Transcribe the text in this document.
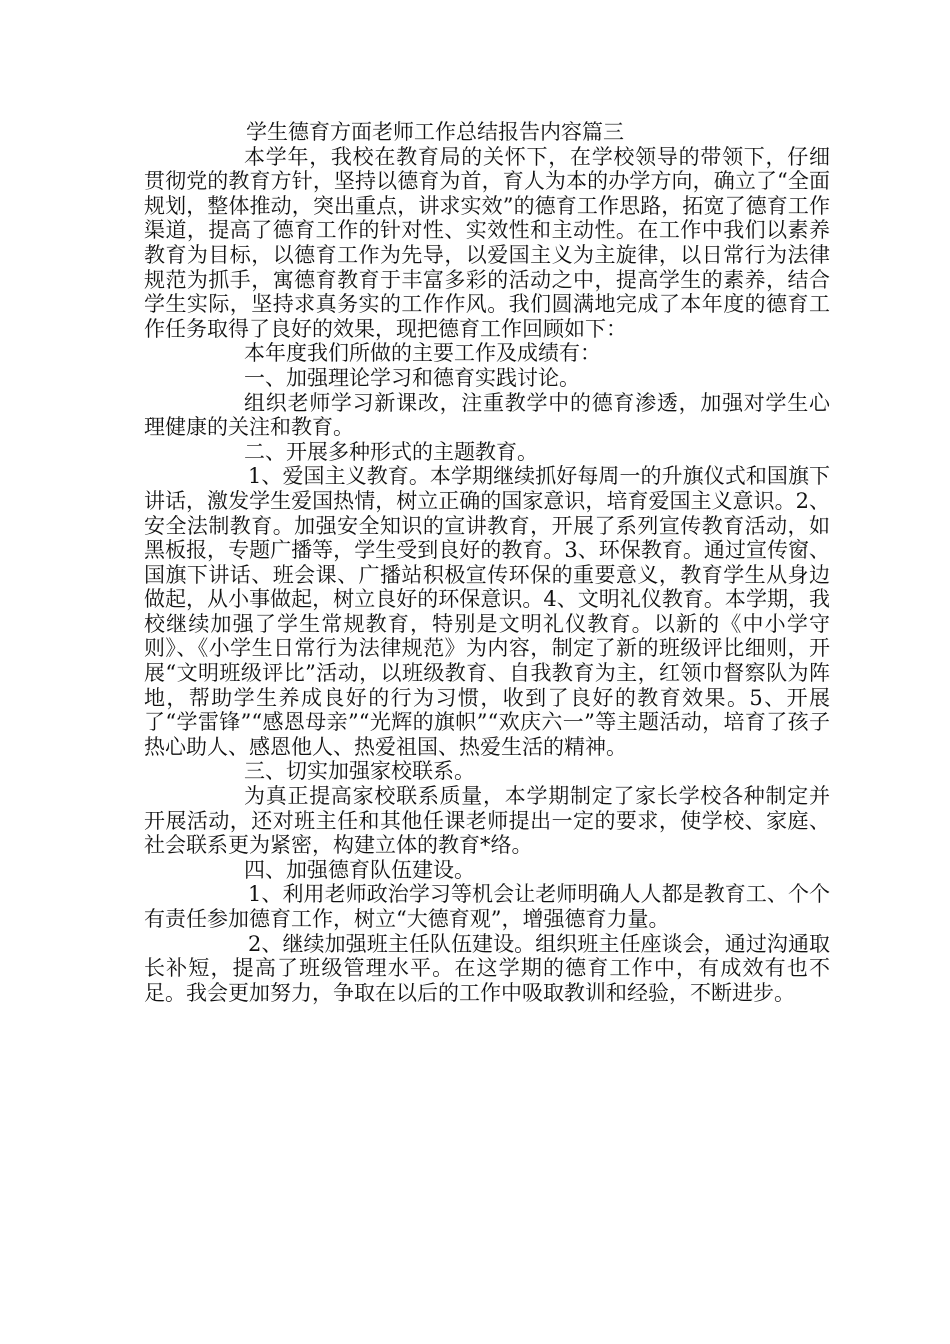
学生德育方面老师工作总结报告内容篇三

本学年，我校在教育局的关怀下，在学校领导的带领下，仔细贯彻党的教育方针，坚持以德育为首，育人为本的办学方向，确立了“全面规划，整体推动，突出重点，讲求实效”的德育工作思路，拓宽了德育工作渠道，提高了德育工作的针对性、实效性和主动性。在工作中我们以素养教育为目标，以德育工作为先导，以爱国主义为主旋律，以日常行为法律规范为抓手，寓德育教育于丰富多彩的活动之中，提高学生的素养，结合学生实际，坚持求真务实的工作作风。我们圆满地完成了本年度的德育工作任务取得了良好的效果，现把德育工作回顾如下：

本年度我们所做的主要工作及成绩有：

一、加强理论学习和德育实践讨论。

组织老师学习新课改，注重教学中的德育渗透，加强对学生心理健康的关注和教育。

二、开展多种形式的主题教育。

1、爱国主义教育。本学期继续抓好每周一的升旗仪式和国旗下讲话，激发学生爱国热情，树立正确的国家意识，培育爱国主义意识。2、安全法制教育。加强安全知识的宣讲教育，开展了系列宣传教育活动，如黑板报，专题广播等，学生受到良好的教育。3、环保教育。通过宣传窗、国旗下讲话、班会课、广播站积极宣传环保的重要意义，教育学生从身边做起，从小事做起，树立良好的环保意识。4、文明礼仪教育。本学期，我校继续加强了学生常规教育，特别是文明礼仪教育。以新的《中小学守则》、《小学生日常行为法律规范》为内容，制定了新的班级评比细则，开展“文明班级评比”活动，以班级教育、自我教育为主，红领巾督察队为阵地，帮助学生养成良好的行为习惯，收到了良好的教育效果。5、开展了“学雷锋”“感恩母亲”“光辉的旗帜”“欢庆六一”等主题活动，培育了孩子热心助人、感恩他人、热爱祖国、热爱生活的精神。

三、切实加强家校联系。

为真正提高家校联系质量，本学期制定了家长学校各种制定并开展活动，还对班主任和其他任课老师提出一定的要求，使学校、家庭、社会联系更为紧密，构建立体的教育*络。

四、加强德育队伍建设。

1、利用老师政治学习等机会让老师明确人人都是教育工、个个有责任参加德育工作，树立“大德育观”，增强德育力量。

2、继续加强班主任队伍建设。组织班主任座谈会，通过沟通取长补短，提高了班级管理水平。在这学期的德育工作中，有成效有也不足。我会更加努力，争取在以后的工作中吸取教训和经验，不断进步。
